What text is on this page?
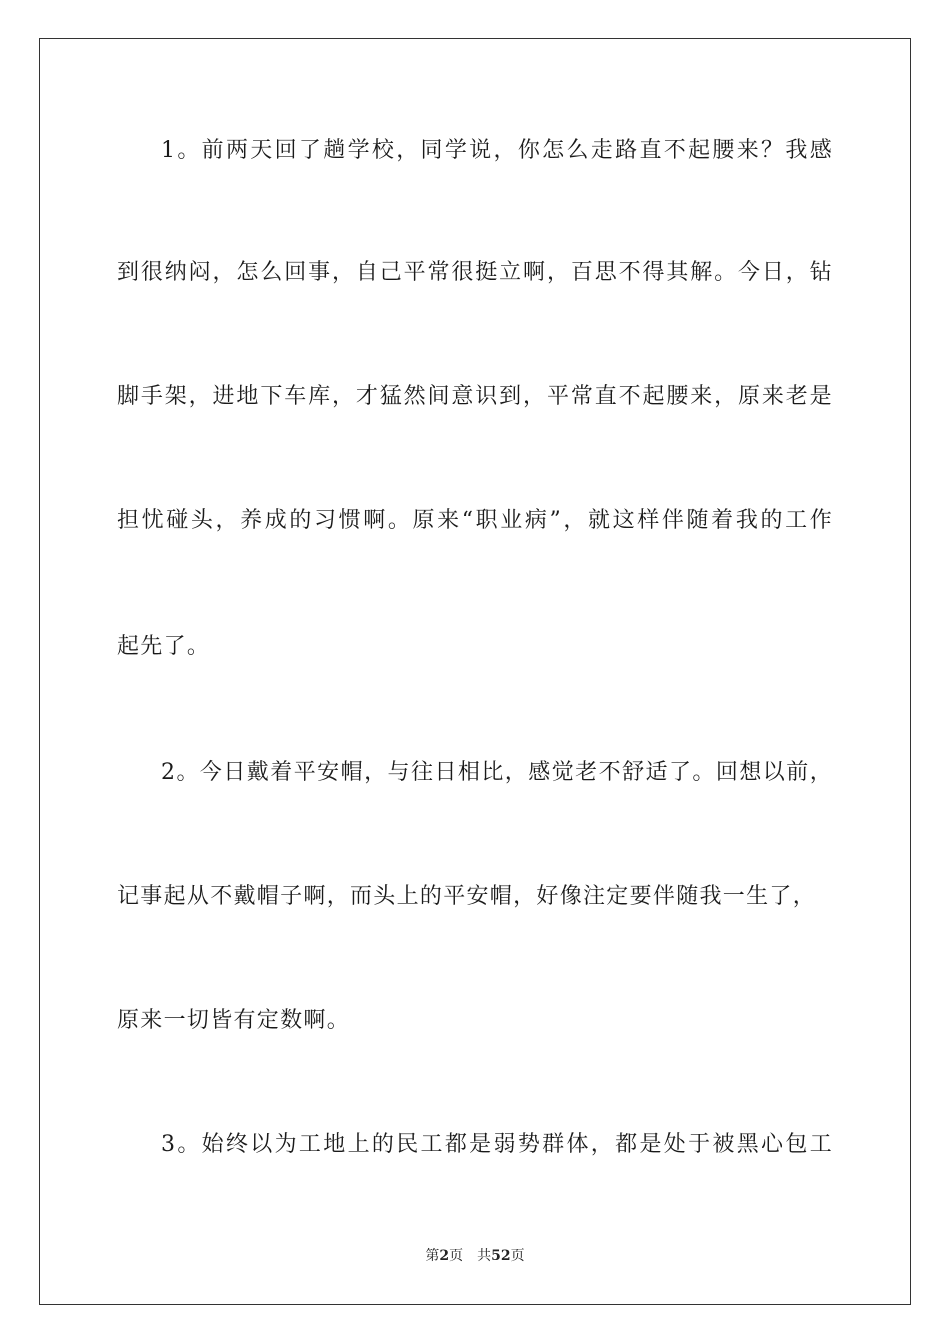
1。前两天回了趟学校，同学说，你怎么走路直不起腰来？我感
到很纳闷，怎么回事，自己平常很挺立啊，百思不得其解。今日，钻
脚手架，进地下车库，才猛然间意识到，平常直不起腰来，原来老是
担忧碰头，养成的习惯啊。原来“职业病”，就这样伴随着我的工作
起先了。
2。今日戴着平安帽，与往日相比，感觉老不舒适了。回想以前，
记事起从不戴帽子啊，而头上的平安帽，好像注定要伴随我一生了，
原来一切皆有定数啊。
3。始终以为工地上的民工都是弱势群体，都是处于被黑心包工
第2页 共52页
